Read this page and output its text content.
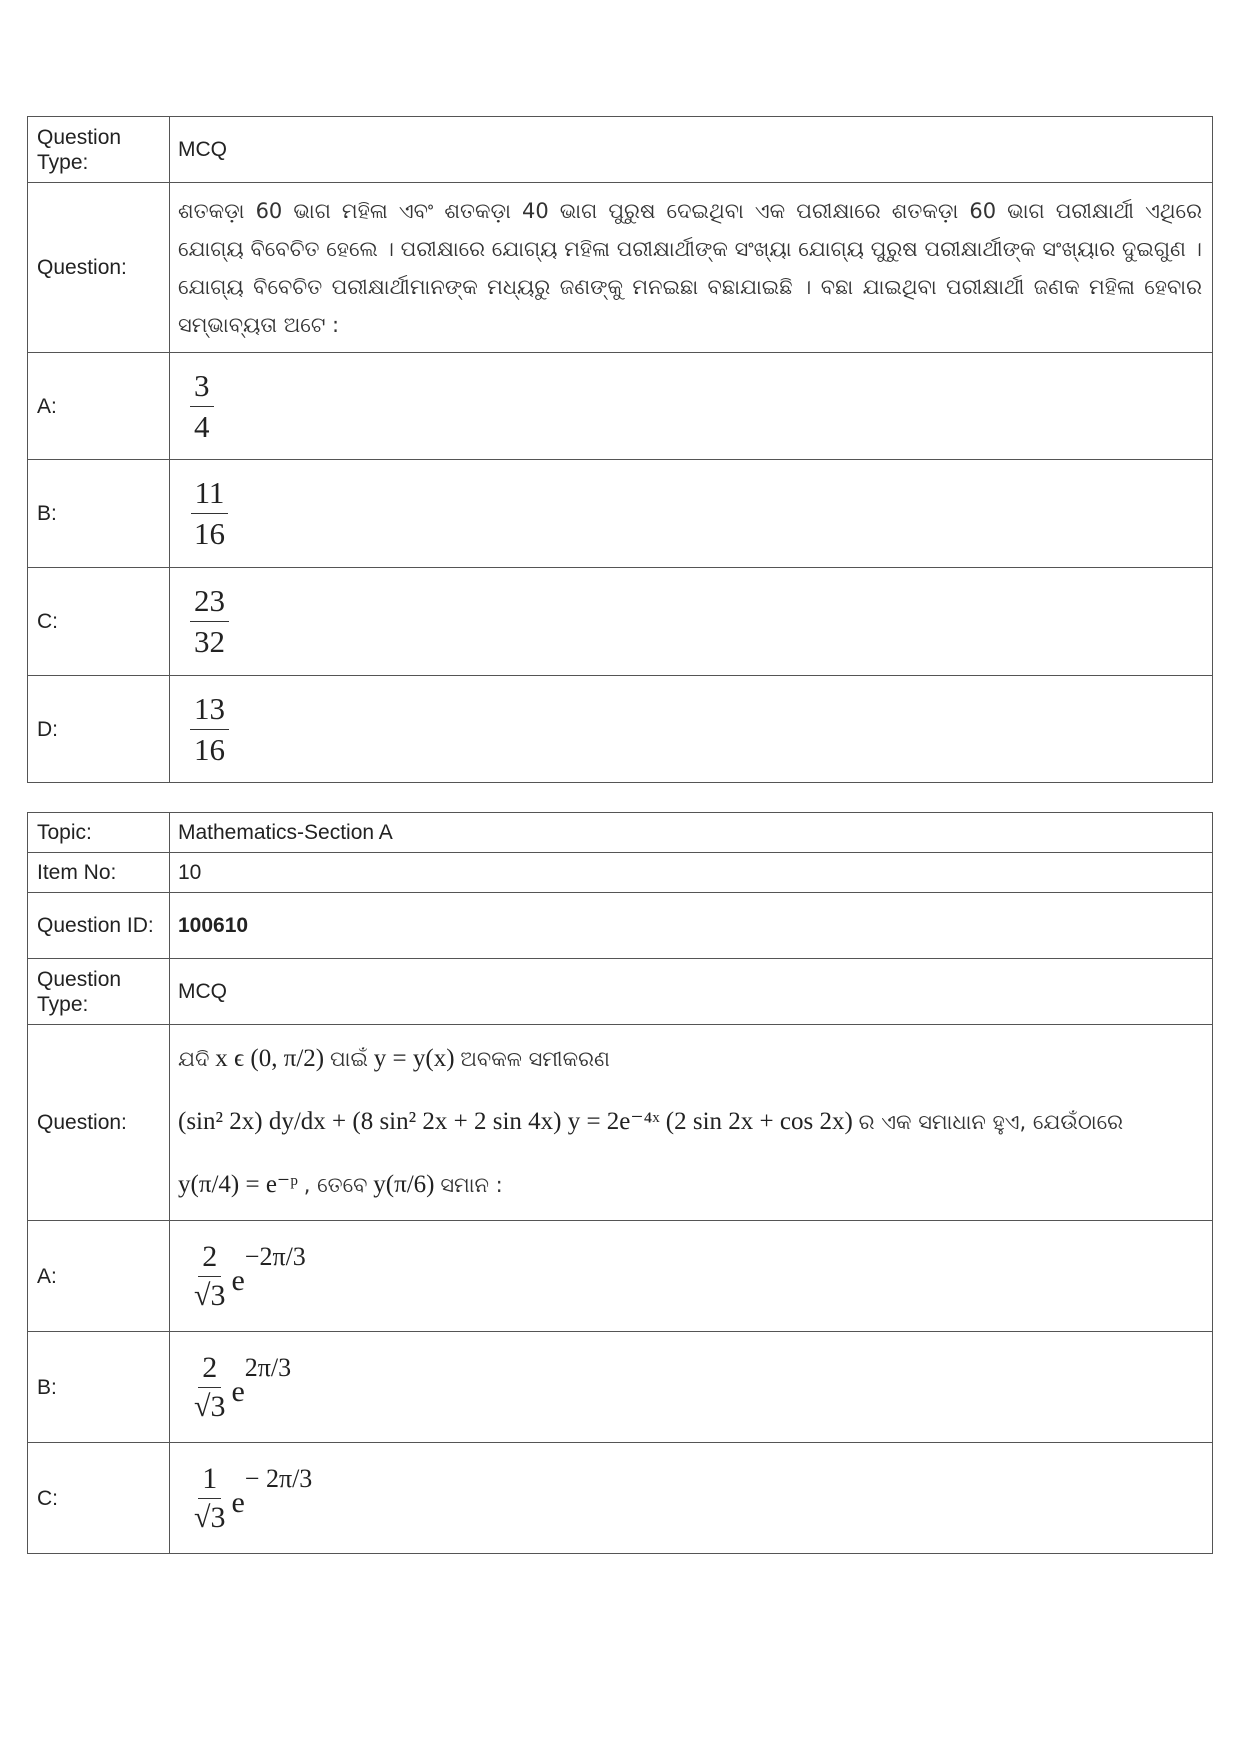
Question Type:	MCQ
Question:	ଶତକଡ଼ା 60 ଭାଗ ମହିଳା ଏବଂ ଶତକଡ଼ା 40 ଭାଗ ପୁରୁଷ ଦେଇଥିବା ଏକ ପରୀକ୍ଷାରେ ଶତକଡ଼ା 60 ଭାଗ ପରୀକ୍ଷାର୍ଥୀ ଏଥିରେ ଯୋଗ୍ୟ ବିବେଚିତ ହେଲେ । ପରୀକ୍ଷାରେ ଯୋଗ୍ୟ ମହିଳା ପରୀକ୍ଷାର୍ଥୀଙ୍କ ସଂଖ୍ୟା ଯୋଗ୍ୟ ପୁରୁଷ ପରୀକ୍ଷାର୍ଥୀଙ୍କ ସଂଖ୍ୟାର ଦୁଇଗୁଣ । ଯୋଗ୍ୟ ବିବେଚିତ ପରୀକ୍ଷାର୍ଥୀମାନଙ୍କ ମଧ୍ୟରୁ ଜଣଙ୍କୁ ମନଇଛା ବଛାଯାଇଛି । ବଛା ଯାଇଥିବା ପରୀକ୍ଷାର୍ଥୀ ଜଣକ ମହିଳା ହେବାର ସମ୍ଭାବ୍ୟତା ଅଟେ :

A:	$\frac{3}{4}$

B:	$\frac{11}{16}$

C:	$\frac{23}{32}$

D:	$\frac{13}{16}$
Topic:	Mathematics-Section A
Item No:	10
Question ID:	100610
Question Type:	MCQ
Question:	ଯଦି x ϵ (0, π/2) ପାଇଁ y = y(x) ଅବକଳ ସମୀକରଣ
(sin² 2x) dy/dx + (8 sin² 2x + 2 sin 4x) y = 2e⁻⁴ˣ (2 sin 2x + cos 2x) ର ଏକ ସମାଧାନ ହୁଏ, ଯେଉଁଠାରେ
y(π/4) = e⁻ᵖ , ତେବେ y(π/6) ସମାନ :

A:	$\frac{2}{√3}$ e
−2π/3

B:	$\frac{2}{√3}$ e
2π/3

C:	$\frac{1}{√3}$ e
− 2π/3
